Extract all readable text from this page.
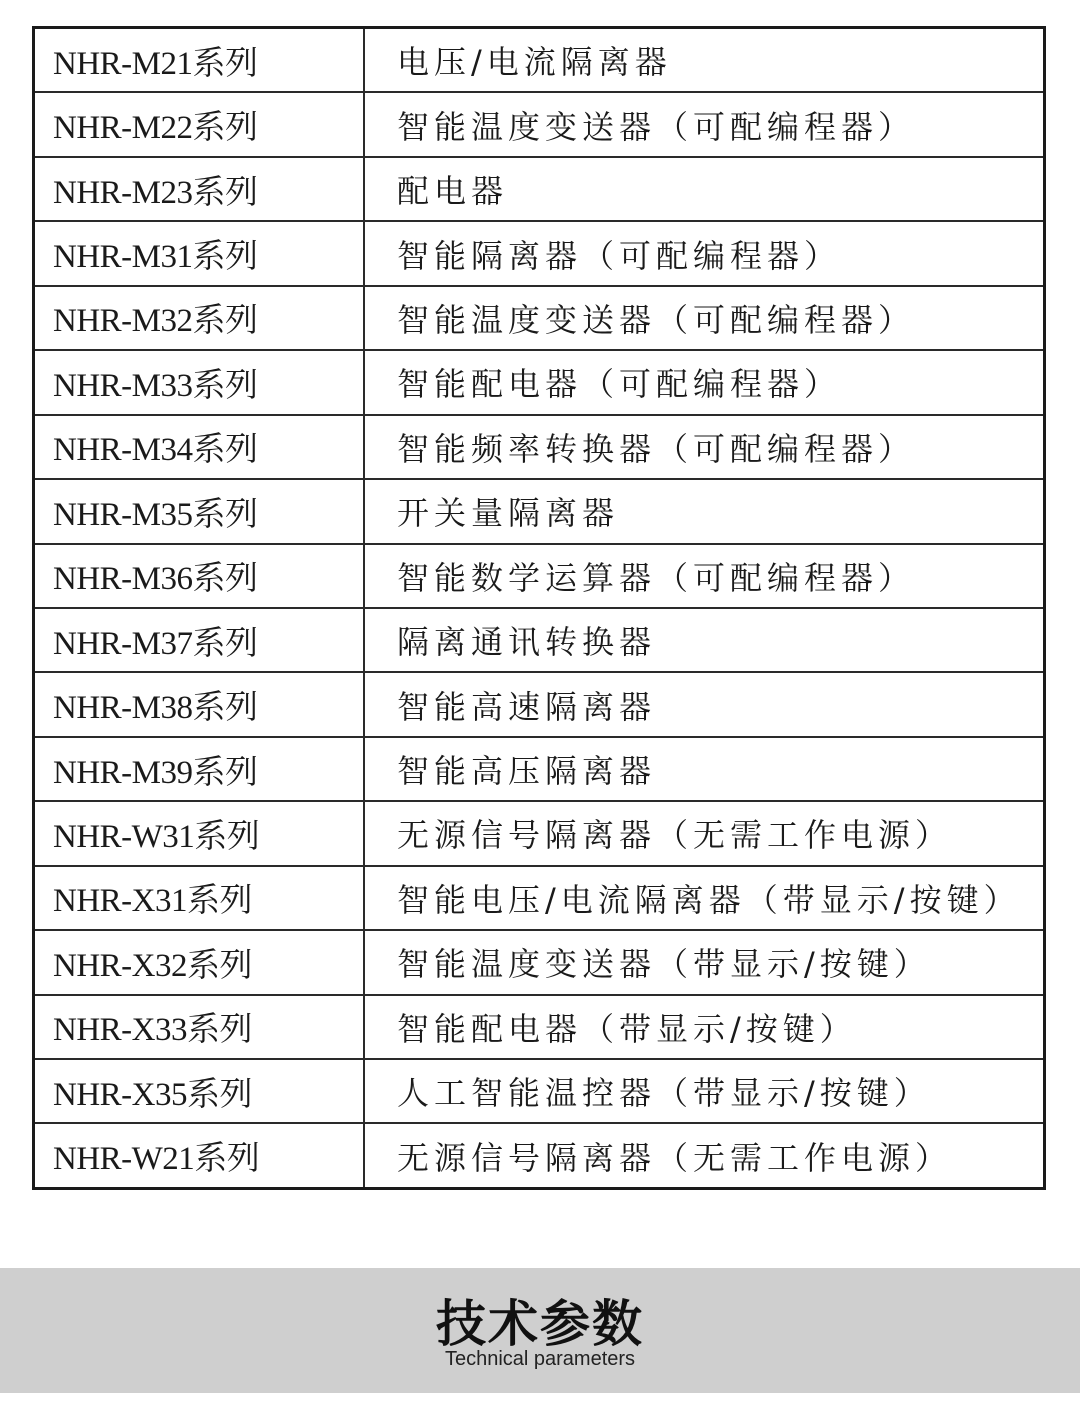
NHR-M21系列	电压/电流隔离器
NHR-M22系列	智能温度变送器（可配编程器）
NHR-M23系列	配电器
NHR-M31系列	智能隔离器（可配编程器）
NHR-M32系列	智能温度变送器（可配编程器）
NHR-M33系列	智能配电器（可配编程器）
NHR-M34系列	智能频率转换器（可配编程器）
NHR-M35系列	开关量隔离器
NHR-M36系列	智能数学运算器（可配编程器）
NHR-M37系列	隔离通讯转换器
NHR-M38系列	智能高速隔离器
NHR-M39系列	智能高压隔离器
NHR-W31系列	无源信号隔离器（无需工作电源）
NHR-X31系列	智能电压/电流隔离器（带显示/按键）
NHR-X32系列	智能温度变送器（带显示/按键）
NHR-X33系列	智能配电器（带显示/按键）
NHR-X35系列	人工智能温控器（带显示/按键）
NHR-W21系列	无源信号隔离器（无需工作电源）
技术参数
Technical parameters
